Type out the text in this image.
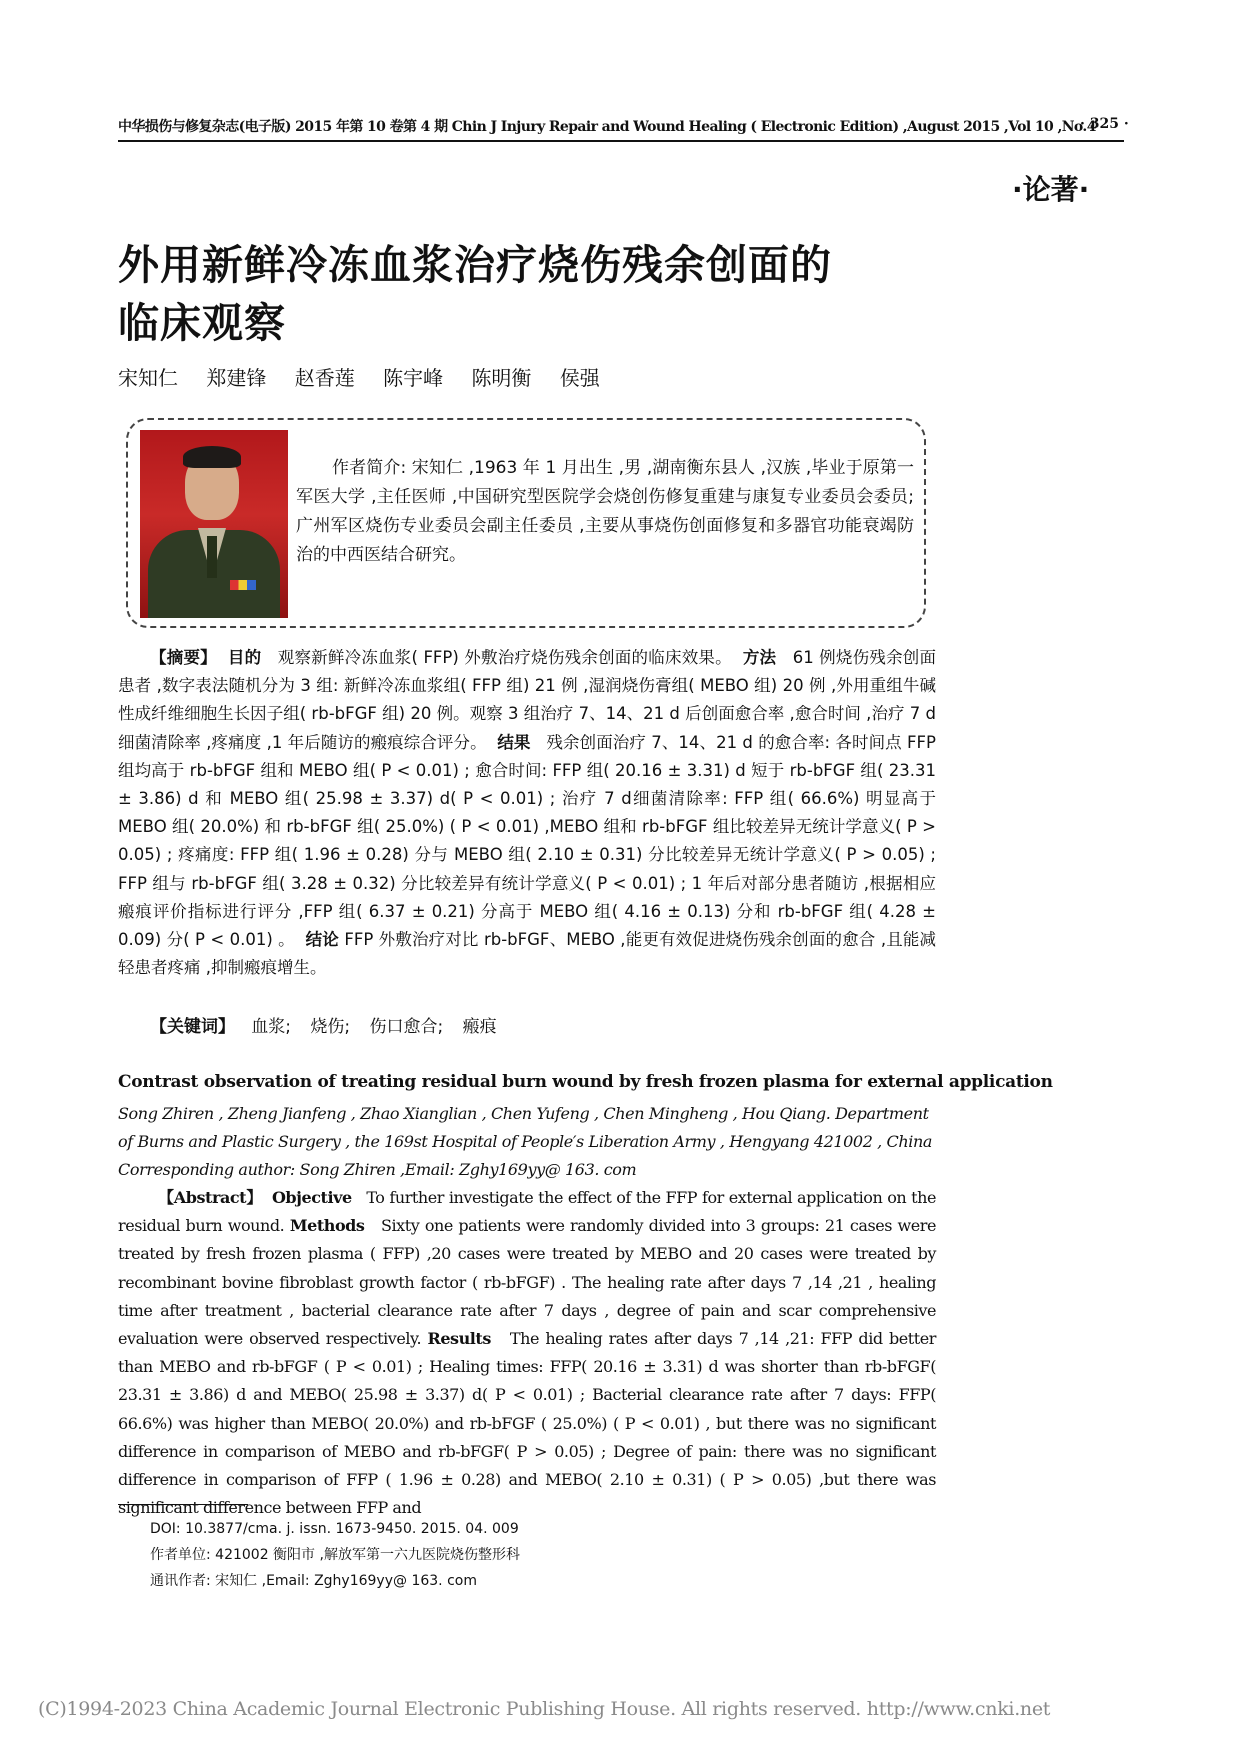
中华损伤与修复杂志(电子版) 2015 年第 10 卷第 4 期 Chin J Injury Repair and Wound Healing ( Electronic Edition) ,August 2015 ,Vol 10 ,No.4
· 325 ·
·论著·
外用新鲜冷冻血浆治疗烧伤残余创面的
临床观察
宋知仁 郑建锋 赵香莲 陈宇峰 陈明衡 侯强
作者简介: 宋知仁 ,1963 年 1 月出生 ,男 ,湖南衡东县人 ,汉族 ,毕业于原第一军医大学 ,主任医师 ,中国研究型医院学会烧创伤修复重建与康复专业委员会委员; 广州军区烧伤专业委员会副主任委员 ,主要从事烧伤创面修复和多器官功能衰竭防治的中西医结合研究。
【摘要】 目的 观察新鲜冷冻血浆( FFP) 外敷治疗烧伤残余创面的临床效果。 方法 61 例烧伤残余创面患者 ,数字表法随机分为 3 组: 新鲜冷冻血浆组( FFP 组) 21 例 ,湿润烧伤膏组( MEBO 组) 20 例 ,外用重组牛碱性成纤维细胞生长因子组( rb-bFGF 组) 20 例。观察 3 组治疗 7、14、21 d 后创面愈合率 ,愈合时间 ,治疗 7 d 细菌清除率 ,疼痛度 ,1 年后随访的瘢痕综合评分。 结果 残余创面治疗 7、14、21 d 的愈合率: 各时间点 FFP 组均高于 rb-bFGF 组和 MEBO 组( P < 0.01) ; 愈合时间: FFP 组( 20.16 ± 3.31) d 短于 rb-bFGF 组( 23.31 ± 3.86) d 和 MEBO 组( 25.98 ± 3.37) d( P < 0.01) ; 治疗 7 d细菌清除率: FFP 组( 66.6%) 明显高于 MEBO 组( 20.0%) 和 rb-bFGF 组( 25.0%) ( P < 0.01) ,MEBO 组和 rb-bFGF 组比较差异无统计学意义( P > 0.05) ; 疼痛度: FFP 组( 1.96 ± 0.28) 分与 MEBO 组( 2.10 ± 0.31) 分比较差异无统计学意义( P > 0.05) ; FFP 组与 rb-bFGF 组( 3.28 ± 0.32) 分比较差异有统计学意义( P < 0.01) ; 1 年后对部分患者随访 ,根据相应瘢痕评价指标进行评分 ,FFP 组( 6.37 ± 0.21) 分高于 MEBO 组( 4.16 ± 0.13) 分和 rb-bFGF 组( 4.28 ± 0.09) 分( P < 0.01) 。 结论 FFP 外敷治疗对比 rb-bFGF、MEBO ,能更有效促进烧伤残余创面的愈合 ,且能减轻患者疼痛 ,抑制瘢痕增生。
【关键词】 血浆; 烧伤; 伤口愈合; 瘢痕
Contrast observation of treating residual burn wound by fresh frozen plasma for external application
Song Zhiren , Zheng Jianfeng , Zhao Xianglian , Chen Yufeng , Chen Mingheng , Hou Qiang. Department of Burns and Plastic Surgery , the 169st Hospital of People′s Liberation Army , Hengyang 421002 , China
Corresponding author: Song Zhiren ,Email: Zghy169yy@ 163. com
【Abstract】 Objective To further investigate the effect of the FFP for external application on the residual burn wound. Methods Sixty one patients were randomly divided into 3 groups: 21 cases were treated by fresh frozen plasma ( FFP) ,20 cases were treated by MEBO and 20 cases were treated by recombinant bovine fibroblast growth factor ( rb-bFGF) . The healing rate after days 7 ,14 ,21 , healing time after treatment , bacterial clearance rate after 7 days , degree of pain and scar comprehensive evaluation were observed respectively. Results The healing rates after days 7 ,14 ,21: FFP did better than MEBO and rb-bFGF ( P < 0.01) ; Healing times: FFP( 20.16 ± 3.31) d was shorter than rb-bFGF( 23.31 ± 3.86) d and MEBO( 25.98 ± 3.37) d( P < 0.01) ; Bacterial clearance rate after 7 days: FFP( 66.6%) was higher than MEBO( 20.0%) and rb-bFGF ( 25.0%) ( P < 0.01) , but there was no significant difference in comparison of MEBO and rb-bFGF( P > 0.05) ; Degree of pain: there was no significant difference in comparison of FFP ( 1.96 ± 0.28) and MEBO( 2.10 ± 0.31) ( P > 0.05) ,but there was significant difference between FFP and
DOI: 10.3877/cma. j. issn. 1673-9450. 2015. 04. 009
作者单位: 421002 衡阳市 ,解放军第一六九医院烧伤整形科
通讯作者: 宋知仁 ,Email: Zghy169yy@ 163. com
(C)1994-2023 China Academic Journal Electronic Publishing House. All rights reserved. http://www.cnki.net
